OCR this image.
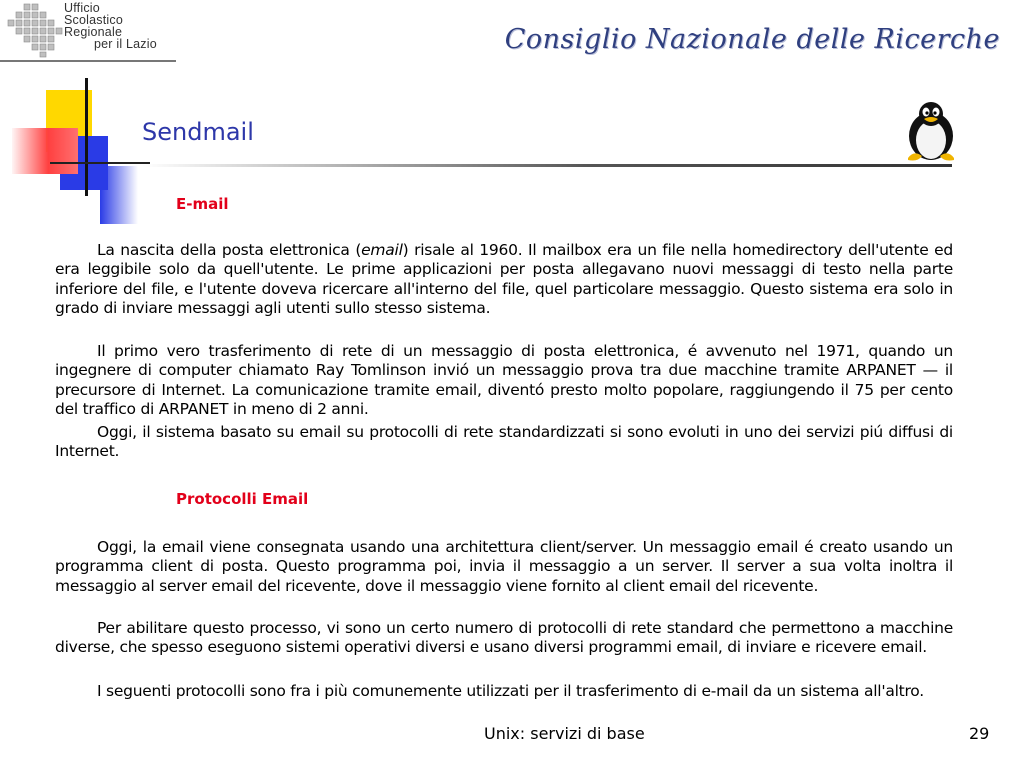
Ufficio
Scolastico
Regionale
per il Lazio	Consiglio Nazionale delle Ricerche
Sendmail
E-mail

La nascita della posta elettronica (email) risale al 1960. Il mailbox era un file nella homedirectory dell'utente ed era leggibile solo da quell'utente. Le prime applicazioni per posta allegavano nuovi messaggi di testo nella parte inferiore del file, e l'utente doveva ricercare all'interno del file, quel particolare messaggio. Questo sistema era solo in grado di inviare messaggi agli utenti sullo stesso sistema.

Il primo vero trasferimento di rete di un messaggio di posta elettronica, é avvenuto nel 1971, quando un ingegnere di computer chiamato Ray Tomlinson invió un messaggio prova tra due macchine tramite ARPANET — il precursore di Internet. La comunicazione tramite email, diventó presto molto popolare, raggiungendo il 75 per cento del traffico di ARPANET in meno di 2 anni.

Oggi, il sistema basato su email su protocolli di rete standardizzati si sono evoluti in uno dei servizi piú diffusi di Internet.

Protocolli Email

Oggi, la email viene consegnata usando una architettura client/server. Un messaggio email é creato usando un programma client di posta. Questo programma poi, invia il messaggio a un server. Il server a sua volta inoltra il messaggio al server email del ricevente, dove il messaggio viene fornito al client email del ricevente.

Per abilitare questo processo, vi sono un certo numero di protocolli di rete standard che permettono a macchine diverse, che spesso eseguono sistemi operativi diversi e usano diversi programmi email, di inviare e ricevere email.

I seguenti protocolli sono fra i più comunemente utilizzati per il trasferimento di e-mail da un sistema all'altro.

Unix: servizi di base	29
